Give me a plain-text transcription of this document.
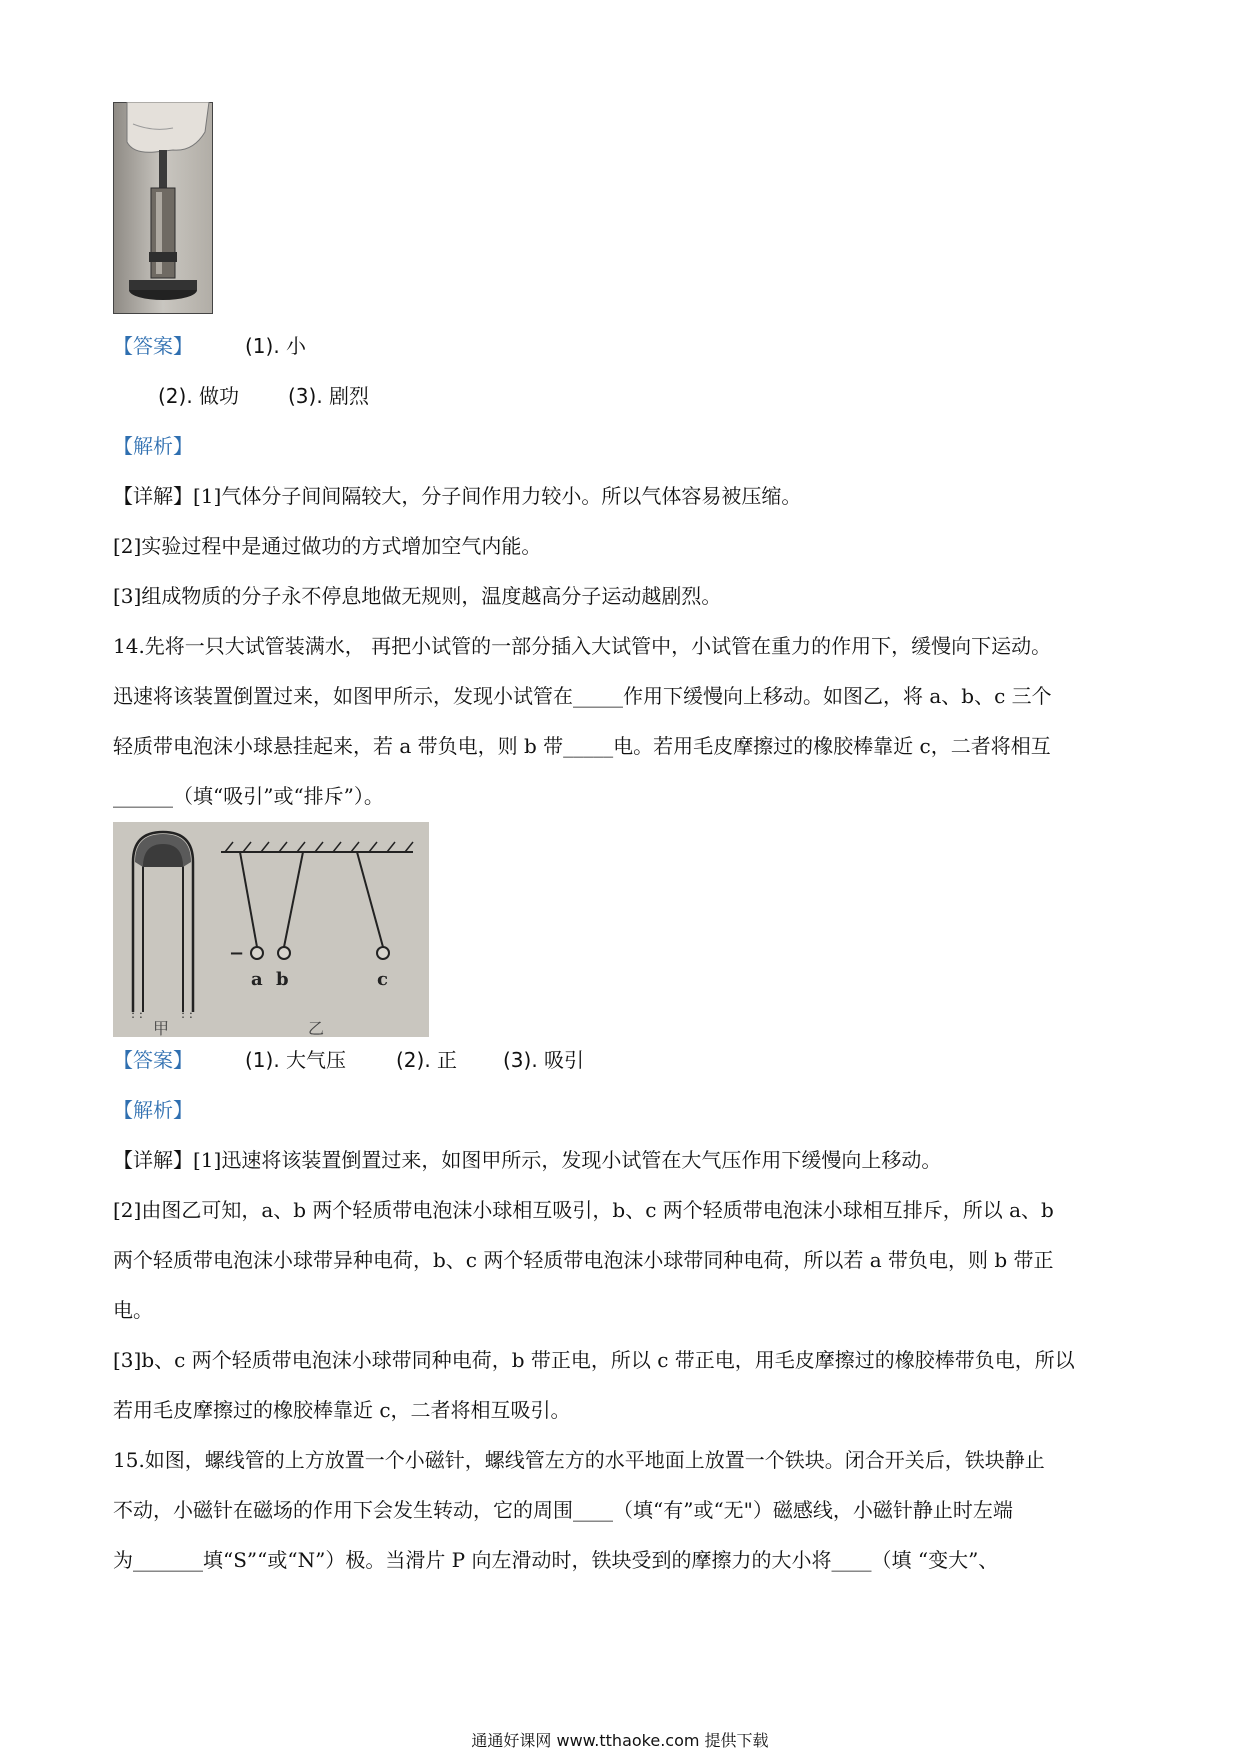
【答案】	(1). 小
(2). 做功 (3). 剧烈
【解析】
【详解】[1]气体分子间间隔较大，分子间作用力较小。所以气体容易被压缩。
[2]实验过程中是通过做功的方式增加空气内能。
[3]组成物质的分子永不停息地做无规则，温度越高分子运动越剧烈。
14.先将一只大试管装满水， 再把小试管的一部分插入大试管中，小试管在重力的作用下，缓慢向下运动。
迅速将该装置倒置过来，如图甲所示，发现小试管在_____作用下缓慢向上移动。如图乙，将 a、b、c 三个
轻质带电泡沫小球悬挂起来，若 a 带负电，则 b 带_____电。若用毛皮摩擦过的橡胶棒靠近 c，二者将相互
______（填“吸引”或“排斥”）。
: :	: :
甲
−
a b	c
乙
【答案】	(1). 大气压 (2). 正 (3). 吸引
【解析】
【详解】[1]迅速将该装置倒置过来，如图甲所示，发现小试管在大气压作用下缓慢向上移动。
[2]由图乙可知，a、b 两个轻质带电泡沫小球相互吸引，b、c 两个轻质带电泡沫小球相互排斥，所以 a、b
两个轻质带电泡沫小球带异种电荷，b、c 两个轻质带电泡沫小球带同种电荷，所以若 a 带负电，则 b 带正
电。
[3]b、c 两个轻质带电泡沫小球带同种电荷，b 带正电，所以 c 带正电，用毛皮摩擦过的橡胶棒带负电，所以
若用毛皮摩擦过的橡胶棒靠近 c，二者将相互吸引。
15.如图，螺线管的上方放置一个小磁针，螺线管左方的水平地面上放置一个铁块。闭合开关后，铁块静止
不动，小磁针在磁场的作用下会发生转动，它的周围____（填“有”或“无"）磁感线，小磁针静止时左端
为_______填“S”“或“N”）极。当滑片 P 向左滑动时，铁块受到的摩擦力的大小将____（填 “变大”、
通通好课网 www.tthaoke.com 提供下载
